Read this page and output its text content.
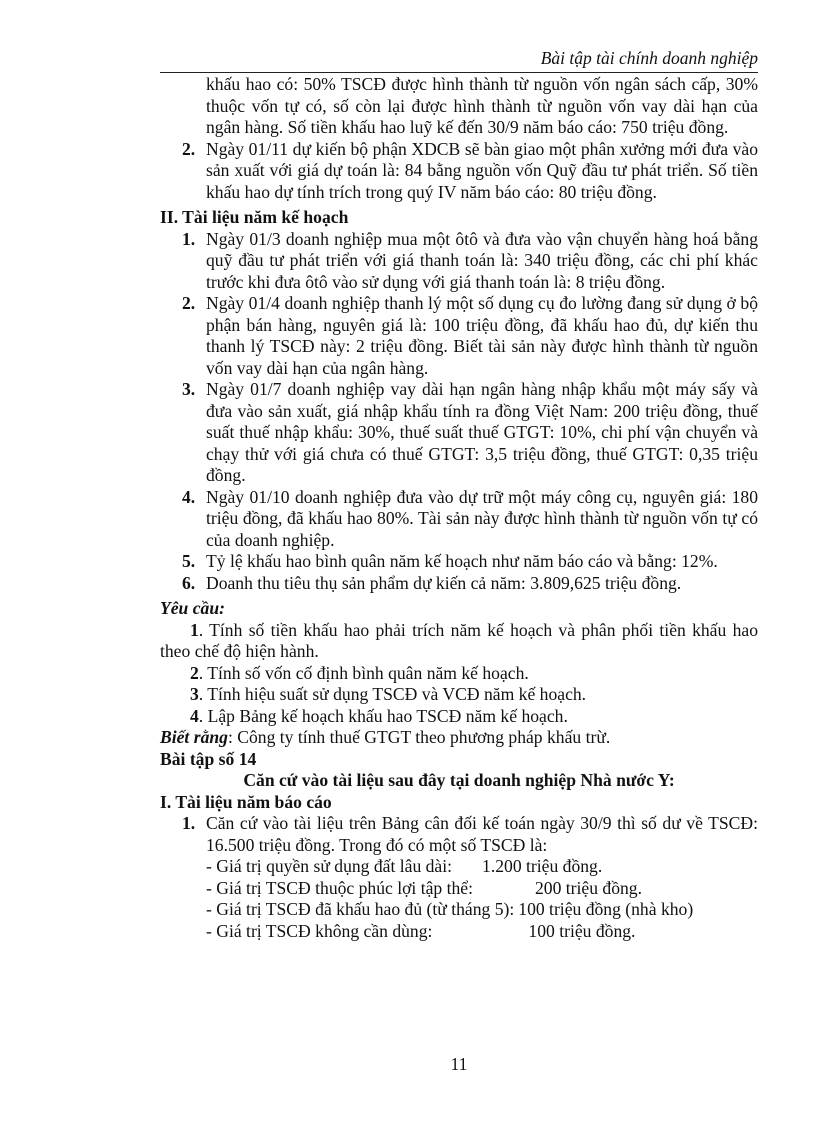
Bài tập tài chính doanh nghiệp
khấu hao có: 50% TSCĐ được hình thành từ nguồn vốn ngân sách cấp, 30% thuộc vốn tự có, số còn lại được hình thành từ nguồn vốn vay dài hạn của ngân hàng. Số tiền khấu hao luỹ kế đến 30/9 năm báo cáo: 750 triệu đồng.
2. Ngày 01/11 dự kiến bộ phận XDCB sẽ bàn giao một phân xưởng mới đưa vào sản xuất với giá dự toán là: 84 bằng nguồn vốn Quỹ đầu tư phát triển. Số tiền khấu hao dự tính trích trong quý IV năm báo cáo: 80 triệu đồng.
II. Tài liệu năm kế hoạch
1. Ngày 01/3 doanh nghiệp mua một ôtô và đưa vào vận chuyển hàng hoá bằng quỹ đầu tư phát triển với giá thanh toán là: 340 triệu đồng, các chi phí khác trước khi đưa ôtô vào sử dụng với giá thanh toán là: 8 triệu đồng.
2. Ngày 01/4 doanh nghiệp thanh lý một số dụng cụ đo lường đang sử dụng ở bộ phận bán hàng, nguyên giá là: 100 triệu đồng, đã khấu hao đủ, dự kiến thu thanh lý TSCĐ này: 2 triệu đồng. Biết tài sản này được hình thành từ nguồn vốn vay dài hạn của ngân hàng.
3. Ngày 01/7 doanh nghiệp vay dài hạn ngân hàng nhập khẩu một máy sấy và đưa vào sản xuất, giá nhập khẩu tính ra đồng Việt Nam: 200 triệu đồng, thuế suất thuế nhập khẩu: 30%, thuế suất thuế GTGT: 10%, chi phí vận chuyển và chạy thử với giá chưa có thuế GTGT: 3,5 triệu đồng, thuế GTGT: 0,35 triệu đồng.
4. Ngày 01/10 doanh nghiệp đưa vào dự trữ một máy công cụ, nguyên giá: 180 triệu đồng, đã khấu hao 80%. Tài sản này được hình thành từ nguồn vốn tự có của doanh nghiệp.
5. Tỷ lệ khấu hao bình quân năm kế hoạch như năm báo cáo và bằng: 12%.
6. Doanh thu tiêu thụ sản phẩm dự kiến cả năm: 3.809,625 triệu đồng.
Yêu cầu:
1. Tính số tiền khấu hao phải trích năm kế hoạch và phân phối tiền khấu hao theo chế độ hiện hành.
2. Tính số vốn cố định bình quân năm kế hoạch.
3. Tính hiệu suất sử dụng TSCĐ và VCĐ năm kế hoạch.
4. Lập Bảng kế hoạch khấu hao TSCĐ năm kế hoạch.
Biết rằng: Công ty tính thuế GTGT theo phương pháp khấu trừ.
Bài tập số 14
Căn cứ vào tài liệu sau đây tại doanh nghiệp Nhà nước Y:
I. Tài liệu năm báo cáo
1. Căn cứ vào tài liệu trên Bảng cân đối kế toán ngày 30/9 thì số dư về TSCĐ: 16.500 triệu đồng. Trong đó có một số TSCĐ là:
- Giá trị quyền sử dụng đất lâu dài: 1.200 triệu đồng.
- Giá trị TSCĐ thuộc phúc lợi tập thể:	200 triệu đồng.
- Giá trị TSCĐ đã khấu hao đủ (từ tháng 5): 100 triệu đồng (nhà kho)
- Giá trị TSCĐ không cần dùng:	100 triệu đồng.
11
